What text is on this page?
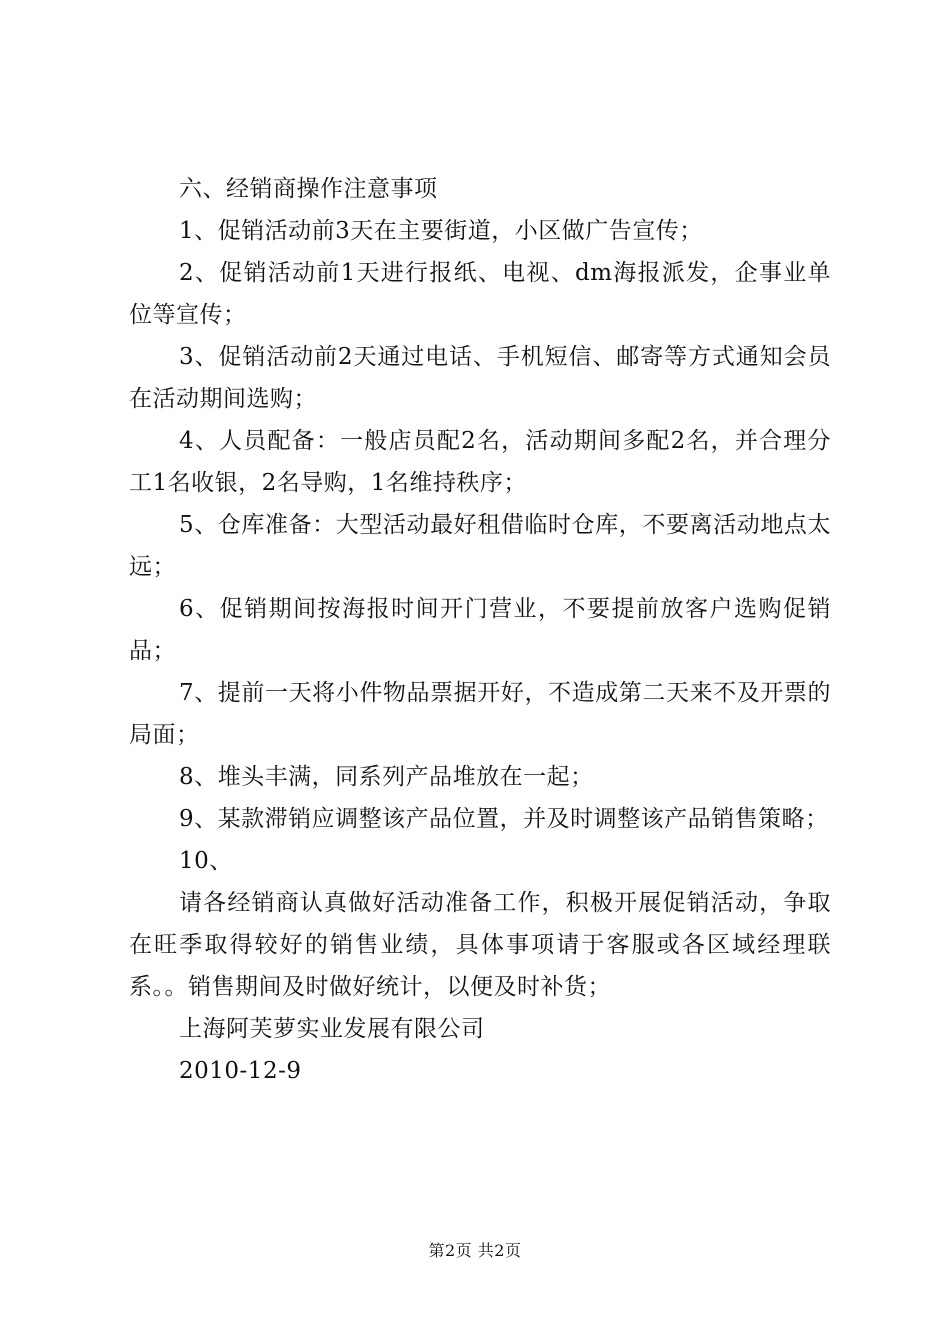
六、经销商操作注意事项

1、促销活动前3天在主要街道，小区做广告宣传；

2、促销活动前1天进行报纸、电视、dm海报派发，企事业单位等宣传；

3、促销活动前2天通过电话、手机短信、邮寄等方式通知会员在活动期间选购；

4、人员配备：一般店员配2名，活动期间多配2名，并合理分工1名收银，2名导购，1名维持秩序；

5、仓库准备：大型活动最好租借临时仓库，不要离活动地点太远；

6、促销期间按海报时间开门营业，不要提前放客户选购促销品；

7、提前一天将小件物品票据开好，不造成第二天来不及开票的局面；

8、堆头丰满，同系列产品堆放在一起；

9、某款滞销应调整该产品位置，并及时调整该产品销售策略；

10、

请各经销商认真做好活动准备工作，积极开展促销活动，争取在旺季取得较好的销售业绩，具体事项请于客服或各区域经理联系。。销售期间及时做好统计，以便及时补货；

上海阿芙萝实业发展有限公司

2010-12-9

第2页 共2页
